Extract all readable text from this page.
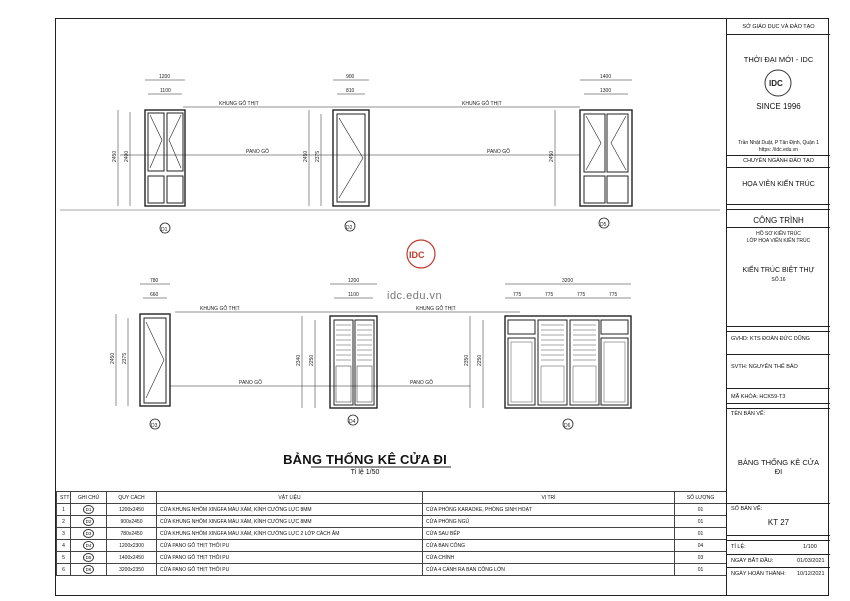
KHUNG GỖ THỊT	KHUNG GỖ THỊT
PANO GỖ	PANO GỖ
KHUNG GỖ THỊT	KHUNG GỖ THỊT
PANO GỖ	PANO GỖ
1200
1100
2450 2400
D1
900
810
2450 2375
D2
1400
1300
2450
D5
780
660
2450 2375
D3
1200
1100
2340 2250
D4
3200
775	775	775	775
2350 2250
D6
IDC
idc.edu.vn
BẢNG THỐNG KÊ CỬA ĐI
Tỉ lệ 1/50
STT	GHI CHÚ	QUY CÁCH	VẬT LIỆU	VỊ TRÍ	SỐ LƯỢNG
1	D1	1200x2450	CỬA KHUNG NHÔM XINGFA MÀU XÁM, KÍNH CƯỜNG LỰC 8MM	CỬA PHÒNG KARAOKE, PHÒNG SINH HOẠT	01
2	D2	900x2450	CỬA KHUNG NHÔM XINGFA MÀU XÁM, KÍNH CƯỜNG LỰC 8MM	CỬA PHÒNG NGỦ	01
3	D3	780x2450	CỬA KHUNG NHÔM XINGFA MÀU XÁM, KÍNH CƯỜNG LỰC 2 LỚP CÁCH ÂM	CỬA SAU BẾP	01
4	D4	1200x2300	CỬA PANO GỖ THỊT THÔI PU	CỬA BAN CÔNG	04
5	D5	1400x2450	CỬA PANO GỖ THỊT THÔI PU	CỬA CHÍNH	03
6	D6	3200x2350	CỬA PANO GỖ THỊT THÔI PU	CỬA 4 CÁNH RA BAN CÔNG LỚN	01
SỞ GIÁO DỤC VÀ ĐÀO TẠO
THỜI ĐẠI MỚI - IDC
IDC
SINCE 1996
Trần Nhật Duật, P Tân Định, Quận 1
https: //idc.edu.vn
CHUYÊN NGÀNH ĐÀO TẠO
HỌA VIÊN KIẾN TRÚC
CÔNG TRÌNH
HỒ SƠ KIẾN TRÚC
LỚP HỌA VIÊN KIẾN TRÚC
KIẾN TRÚC BIỆT THỰ
SỐ.16
GVHD: KTS ĐOÀN ĐỨC DŨNG
SVTH: NGUYỄN THẾ BẢO
MÃ KHÓA: HCK59-T3
TÊN BẢN VẼ:
BẢNG THỐNG KÊ CỬA ĐI
SỐ BẢN VẼ:
KT 27
TỈ LỆ:	1/100
NGÀY BẮT ĐẦU:	01/03/2021
NGÀY HOÀN THÀNH: 10/12/2021
